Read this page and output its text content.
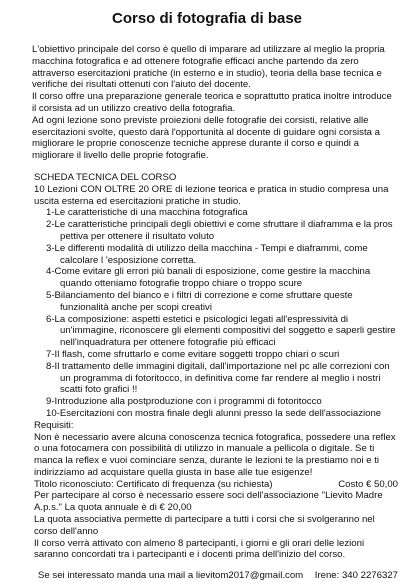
Corso di fotografia di base

L'obiettivo principale del corso è quello di imparare ad utilizzare al meglio la propria macchina fotografica e ad ottenere fotografie efficaci anche partendo da zero attraverso esercitazioni pratiche (in esterno e in studio), teoria della base tecnica e verifiche dei risultati ottenuti con l'aiuto del docente.

Il corso offre una preparazione generale teorica e soprattutto pratica inoltre introduce il corsista ad un utilizzo creativo della fotografia.

Ad ogni lezione sono previste proiezioni delle fotografie dei corsisti, relative alle esercitazioni svolte, questo darà l'opportunità al docente di guidare ogni corsista a migliorare le proprie conoscenze tecniche apprese durante il corso e quindi a migliorare il livello delle proprie fotografie.

SCHEDA TECNICA DEL CORSO

10 Lezioni CON OLTRE 20 ORE di lezione teorica e pratica in studio compresa una uscita esterna ed esercitazioni pratiche in studio.

1-Le caratteristiche di una macchina fotografica
2-Le caratteristiche principali degli obiettivi e come sfruttare il diaframma e la pros pettiva per ottenere il risultato voluto
3-Le differenti modalità di utilizzo della macchina - Tempi e diaframmi, come calcolare l 'esposizione corretta.
4-Come evitare gli errori più banali di esposizione, come gestire la macchina quando otteniamo fotografie troppo chiare o troppo scure
5-Bilanciamento del bianco e i filtri di correzione e come sfruttare queste funzionalità anche per scopi creativi
6-La composizione: aspetti estetici e psicologici legati all'espressività di un'immagine, riconoscere gli elementi compositivi del soggetto e saperli gestire nell'inquadratura per ottenere fotografie più efficaci
7-Il flash, come sfruttarlo e come evitare soggetti troppo chiari o scuri
8-Il trattamento delle immagini digitali, dall'importazione nel pc alle correzioni con un programma di fotoritocco, in definitiva come far rendere al meglio i nostri scatti foto grafici !!
9-Introduzione alla postproduzione con i programmi di fotoritocco
10-Esercitazioni con mostra finale degli alunni presso la sede dell'associazione

Requisiti:

Non è necessario avere alcuna conoscenza tecnica fotografica, possedere una reflex o una fotocamera con possibilità di utilizzo in manuale a pellicola o digitale. Se ti manca la reflex e vuoi cominciare senza, durante le lezioni te la prestiamo noi e ti indirizziamo ad acquistare quella giusta in base alle tue esigenze!

Titolo riconosciuto: Certificato di frequenza (su richiesta)	Costo € 50,00

Per partecipare al corso è necessario essere soci dell'associazione "Lievito Madre A.p.s." La quota annuale è di € 20,00

La quota associativa permette di partecipare a tutti i corsi che si svolgeranno nel corso dell'anno

Il corso verrà attivato con almeno 8 partecipanti, i giorni e gli orari delle lezioni saranno concordati tra i partecipanti e i docenti prima dell'inizio del corso.

Se sei interessato manda una mail a lievitom2017@gmail.com Irene: 340 2276327
